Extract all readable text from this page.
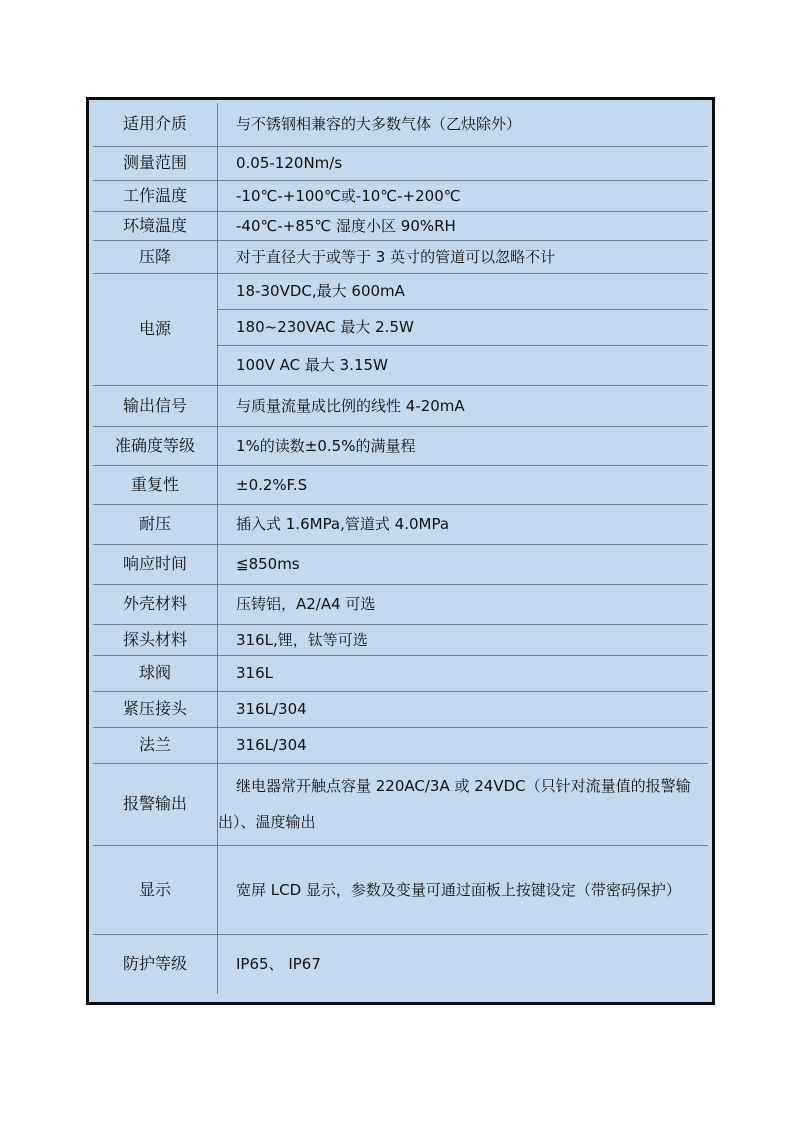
适用介质	与不锈钢相兼容的大多数气体（乙炔除外）
测量范围	0.05-120Nm/s
工作温度	-10℃-+100℃或-10℃-+200℃
环境温度	-40℃-+85℃ 湿度小区 90%RH
压降	对于直径大于或等于 3 英寸的管道可以忽略不计
电源	18-30VDC,最大 600mA
	180~230VAC 最大 2.5W
	100V AC 最大 3.15W
输出信号	与质量流量成比例的线性 4-20mA
准确度等级	1%的读数±0.5%的满量程
重复性	±0.2%F.S
耐压	插入式 1.6MPa,管道式 4.0MPa
响应时间	≦850ms
外壳材料	压铸铝，A2/A4 可选
探头材料	316L,锂，钛等可选
球阀	316L
紧压接头	316L/304
法兰	316L/304
报警输出	继电器常开触点容量 220AC/3A 或 24VDC（只针对流量值的报警输出）、温度输出
显示	宽屏 LCD 显示，参数及变量可通过面板上按键设定（带密码保护）
防护等级	IP65、 IP67
